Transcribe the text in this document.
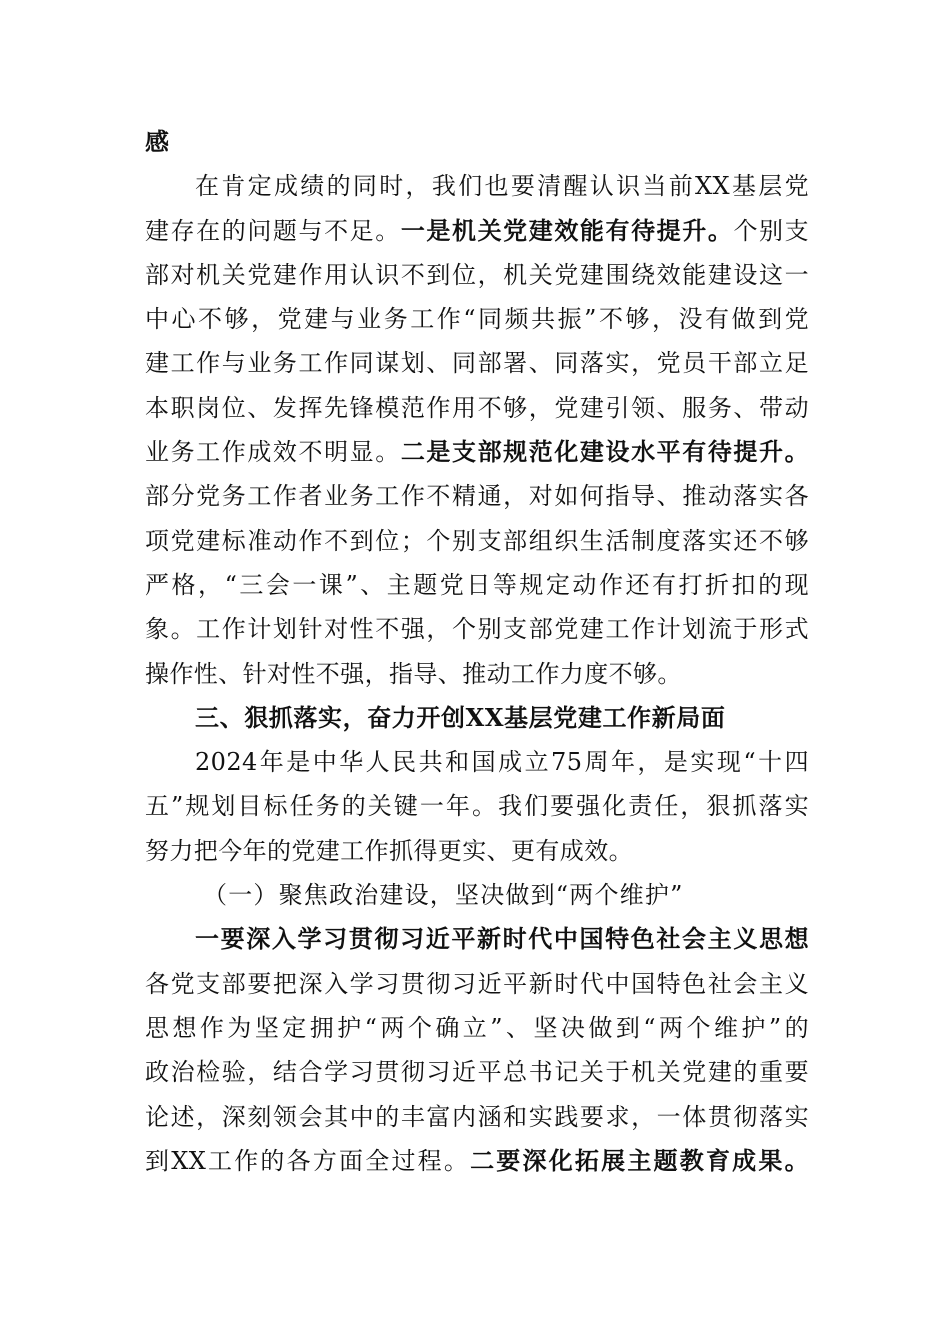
感
在肯定成绩的同时，我们也要清醒认识当前XX基层党
建存在的问题与不足。一是机关党建效能有待提升。个别支
部对机关党建作用认识不到位，机关党建围绕效能建设这一
中心不够，党建与业务工作“同频共振”不够，没有做到党
建工作与业务工作同谋划、同部署、同落实，党员干部立足
本职岗位、发挥先锋模范作用不够，党建引领、服务、带动
业务工作成效不明显。二是支部规范化建设水平有待提升。
部分党务工作者业务工作不精通，对如何指导、推动落实各
项党建标准动作不到位；个别支部组织生活制度落实还不够
严格，“三会一课”、主题党日等规定动作还有打折扣的现
象。工作计划针对性不强，个别支部党建工作计划流于形式
操作性、针对性不强，指导、推动工作力度不够。
三、狠抓落实，奋力开创XX基层党建工作新局面
2024年是中华人民共和国成立75周年，是实现“十四
五”规划目标任务的关键一年。我们要强化责任，狠抓落实
努力把今年的党建工作抓得更实、更有成效。
（一）聚焦政治建设，坚决做到“两个维护”
一要深入学习贯彻习近平新时代中国特色社会主义思想
各党支部要把深入学习贯彻习近平新时代中国特色社会主义
思想作为坚定拥护“两个确立”、坚决做到“两个维护”的
政治检验，结合学习贯彻习近平总书记关于机关党建的重要
论述，深刻领会其中的丰富内涵和实践要求，一体贯彻落实
到XX工作的各方面全过程。二要深化拓展主题教育成果。
